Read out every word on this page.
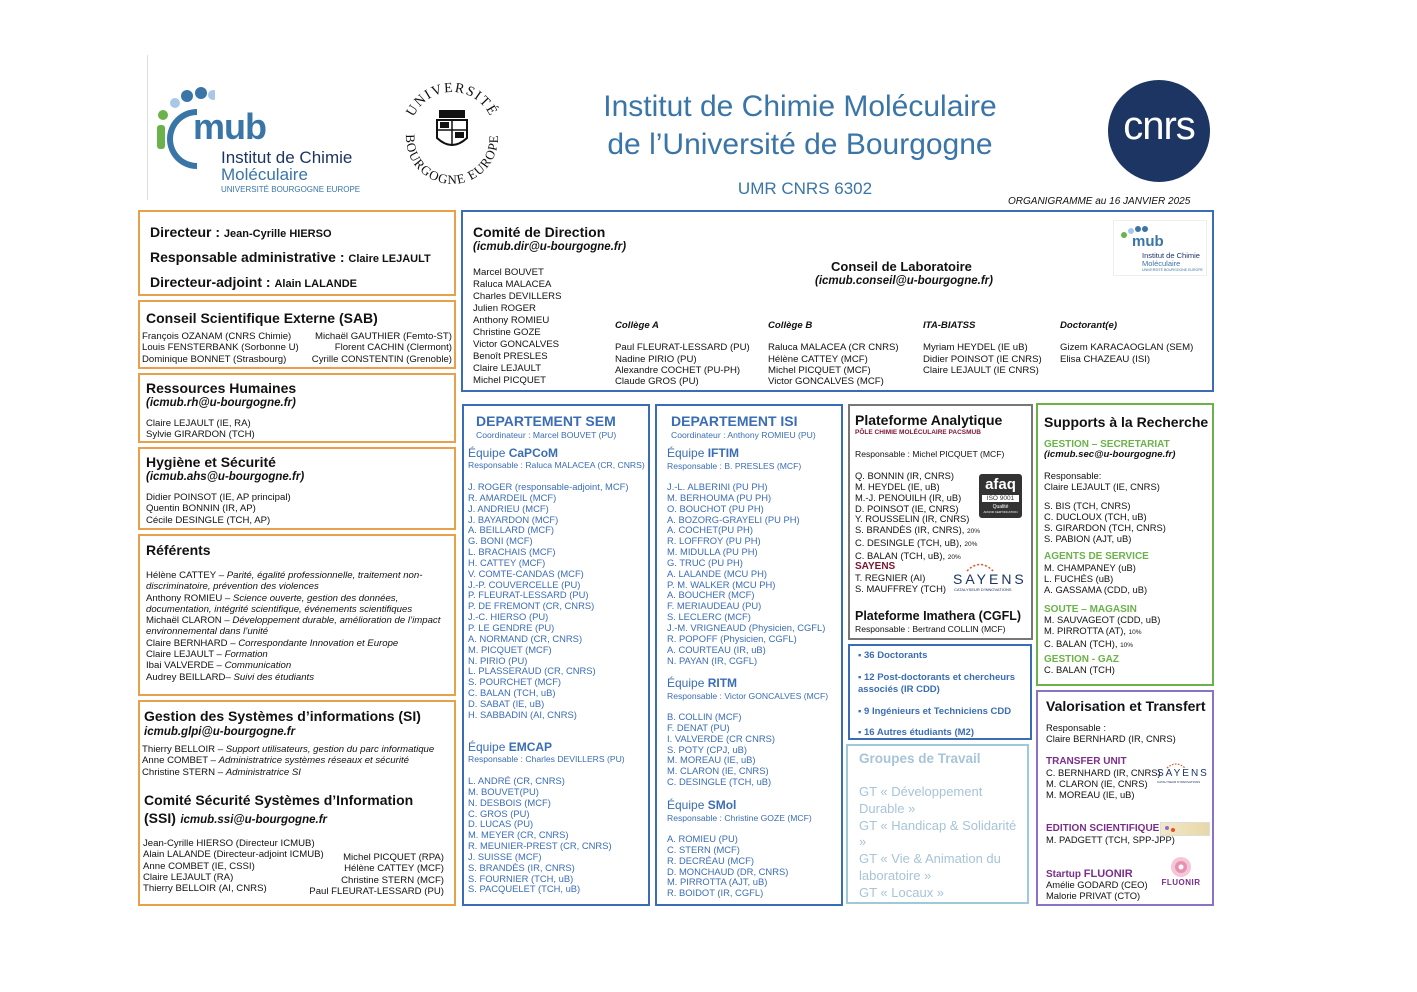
mub
Institut de Chimie
Moléculaire
UNIVERSITÉ BOURGOGNE EUROPE
UNIVERSITÉ
BOURGOGNE EUROPE
Institut de Chimie Moléculaire
de l’Université de Bourgogne
UMR CNRS 6302
cnrs
ORGANIGRAMME au 16 JANVIER 2025
Directeur : Jean-Cyrille HIERSO
Responsable administrative : Claire LEJAULT
Directeur-adjoint : Alain LALANDE
Conseil Scientifique Externe (SAB)
François OZANAM (CNRS Chimie)
Louis FENSTERBANK (Sorbonne U)
Dominique BONNET (Strasbourg)
Michaël GAUTHIER (Femto-ST)
Florent CACHIN (Clermont)
Cyrille CONSTENTIN (Grenoble)
Ressources Humaines
(icmub.rh@u-bourgogne.fr)
Claire LEJAULT (IE, RA)
Sylvie GIRARDON (TCH)
Hygiène et Sécurité
(icmub.ahs@u-bourgogne.fr)
Didier POINSOT (IE, AP principal)
Quentin BONNIN (IR, AP)
Cécile DESINGLE (TCH, AP)
Référents
Hélène CATTEY – Parité, égalité professionnelle, traitement non-discriminatoire, prévention des violences
Anthony ROMIEU – Science ouverte, gestion des données, documentation, intégrité scientifique, événements scientifiques
Michaël CLARON – Développement durable, amélioration de l’impact environnemental dans l’unité
Claire BERNHARD – Correspondante Innovation et Europe
Claire LEJAULT – Formation
Ibai VALVERDE – Communication
Audrey BEILLARD– Suivi des étudiants
Gestion des Systèmes d’informations (SI)
icmub.glpi@u-bourgogne.fr
Thierry BELLOIR – Support utilisateurs, gestion du parc informatique
Anne COMBET – Administratrice systèmes réseaux et sécurité
Christine STERN – Administratrice SI
Comité Sécurité Systèmes d’Information
(SSI) icmub.ssi@u-bourgogne.fr
Jean-Cyrille HIERSO (Directeur ICMUB)
Alain LALANDE (Directeur-adjoint ICMUB)
Anne COMBET (IE, CSSI)
Claire LEJAULT (RA)
Thierry BELLOIR (AI, CNRS)
Michel PICQUET (RPA)
Hélène CATTEY (MCF)
Christine STERN (MCF)
Paul FLEURAT-LESSARD (PU)
Comité de Direction
(icmub.dir@u-bourgogne.fr)
Marcel BOUVET
Raluca MALACEA
Charles DEVILLERS
Julien ROGER
Anthony ROMIEU
Christine GOZE
Victor GONCALVES
Benoît PRESLES
Claire LEJAULT
Michel PICQUET
Conseil de Laboratoire
(icmub.conseil@u-bourgogne.fr)
Collège A
Paul FLEURAT-LESSARD (PU)
Nadine PIRIO (PU)
Alexandre COCHET (PU-PH)
Claude GROS (PU)
Collège B
Raluca MALACEA (CR CNRS)
Hélène CATTEY (MCF)
Michel PICQUET (MCF)
Victor GONCALVES (MCF)
ITA-BIATSS
Myriam HEYDEL (IE uB)
Didier POINSOT (IE CNRS)
Claire LEJAULT (IE CNRS)
Doctorant(e)
Gizem KARACAOGLAN (SEM)
Elisa CHAZEAU (ISI)
mub
Institut de Chimie
Moléculaire
UNIVERSITÉ BOURGOGNE EUROPE
DEPARTEMENT SEM
Coordinateur : Marcel BOUVET (PU)
Équipe CaPCoM
Responsable : Raluca MALACEA (CR, CNRS)
J. ROGER (responsable-adjoint, MCF)
R. AMARDEIL (MCF)
J. ANDRIEU (MCF)
J. BAYARDON (MCF)
A. BEILLARD (MCF)
G. BONI (MCF)
L. BRACHAIS (MCF)
H. CATTEY (MCF)
V. COMTE-CANDAS (MCF)
J.-P. COUVERCELLE (PU)
P. FLEURAT-LESSARD (PU)
P. DE FREMONT (CR, CNRS)
J.-C. HIERSO (PU)
P. LE GENDRE (PU)
A. NORMAND (CR, CNRS)
M. PICQUET (MCF)
N. PIRIO (PU)
L. PLASSERAUD (CR, CNRS)
S. POURCHET (MCF)
C. BALAN (TCH, uB)
D. SABAT (IE, uB)
H. SABBADIN (AI, CNRS)
Équipe EMCAP
Responsable : Charles DEVILLERS (PU)
L. ANDRÉ (CR, CNRS)
M. BOUVET(PU)
N. DESBOIS (MCF)
C. GROS (PU)
D. LUCAS (PU)
M. MEYER (CR, CNRS)
R. MEUNIER-PREST (CR, CNRS)
J. SUISSE (MCF)
S. BRANDÈS (IR, CNRS)
S. FOURNIER (TCH, uB)
S. PACQUELET (TCH, uB)
DEPARTEMENT ISI
Coordinateur : Anthony ROMIEU (PU)
Équipe IFTIM
Responsable : B. PRESLES (MCF)
J.-L. ALBERINI (PU PH)
M. BERHOUMA (PU PH)
O. BOUCHOT (PU PH)
A. BOZORG-GRAYELI (PU PH)
A. COCHET(PU PH)
R. LOFFROY (PU PH)
M. MIDULLA (PU PH)
G. TRUC (PU PH)
A. LALANDE (MCU PH)
P. M. WALKER (MCU PH)
A. BOUCHER (MCF)
F. MERIAUDEAU (PU)
S. LECLERC (MCF)
J.-M. VRIGNEAUD (Physicien, CGFL)
R. POPOFF (Physicien, CGFL)
A. COURTEAU (IR, uB)
N. PAYAN (IR, CGFL)
Équipe RITM
Responsable : Victor GONCALVES (MCF)
B. COLLIN (MCF)
F. DENAT (PU)
I. VALVERDE (CR CNRS)
S. POTY (CPJ, uB)
M. MOREAU (IE, uB)
M. CLARON (IE, CNRS)
C. DESINGLE (TCH, uB)
Équipe SMol
Responsable : Christine GOZE (MCF)
A. ROMIEU (PU)
C. STERN (MCF)
R. DECRÉAU (MCF)
D. MONCHAUD (DR, CNRS)
M. PIRROTTA (AJT, uB)
R. BOIDOT (IR, CGFL)
Plateforme Analytique
PÔLE CHIMIE MOLÉCULAIRE PACSMUB
Responsable : Michel PICQUET (MCF)
Q. BONNIN (IR, CNRS)
M. HEYDEL (IE, uB)
M.-J. PENOUILH (IR, uB)
D. POINSOT (IE, CNRS)
Y. ROUSSELIN (IR, CNRS)
S. BRANDÈS (IR, CNRS), 20%
C. DESINGLE (TCH, uB), 20%
C. BALAN (TCH, uB), 20%
afaq
ISO 9001
Qualité
AFNOR CERTIFICATION
SAYENS
T. REGNIER (AI)
S. MAUFFREY (TCH)
SAYENS
CATALYSEUR D'INNOVATIONS
Plateforme Imathera (CGFL)
Responsable : Bertrand COLLIN (MCF)
▪ 36 Doctorants
▪ 12 Post-doctorants et chercheurs associés (IR CDD)
▪ 9 Ingénieurs et Techniciens CDD
▪ 16 Autres étudiants (M2)
Groupes de Travail
GT « Développement Durable »
GT « Handicap & Solidarité »
GT « Vie & Animation du laboratoire »
GT « Locaux »
Supports à la Recherche
GESTION – SECRETARIAT
(icmub.sec@u-bourgogne.fr)
Responsable:
Claire LEJAULT (IE, CNRS)
S. BIS (TCH, CNRS)
C. DUCLOUX (TCH, uB)
S. GIRARDON (TCH, CNRS)
S. PABION (AJT, uB)
AGENTS DE SERVICE
M. CHAMPANEY (uB)
L. FUCHÉS (uB)
A. GASSAMA (CDD, uB)
SOUTE – MAGASIN
M. SAUVAGEOT (CDD, uB)
M. PIRROTTA (AT), 10%
C. BALAN (TCH), 10%
GESTION - GAZ
C. BALAN (TCH)
Valorisation et Transfert
Responsable :
Claire BERNHARD (IR, CNRS)
TRANSFER UNIT
C. BERNHARD (IR, CNRS)
M. CLARON (IE, CNRS)
M. MOREAU (IE, uB)
SAYENS
CATALYSEUR D'INNOVATIONS
EDITION SCIENTIFIQUE
M. PADGETT (TCH, SPP-JPP)
Startup FLUONIR
Amélie GODARD (CEO)
Malorie PRIVAT (CTO)
FLUONIR
